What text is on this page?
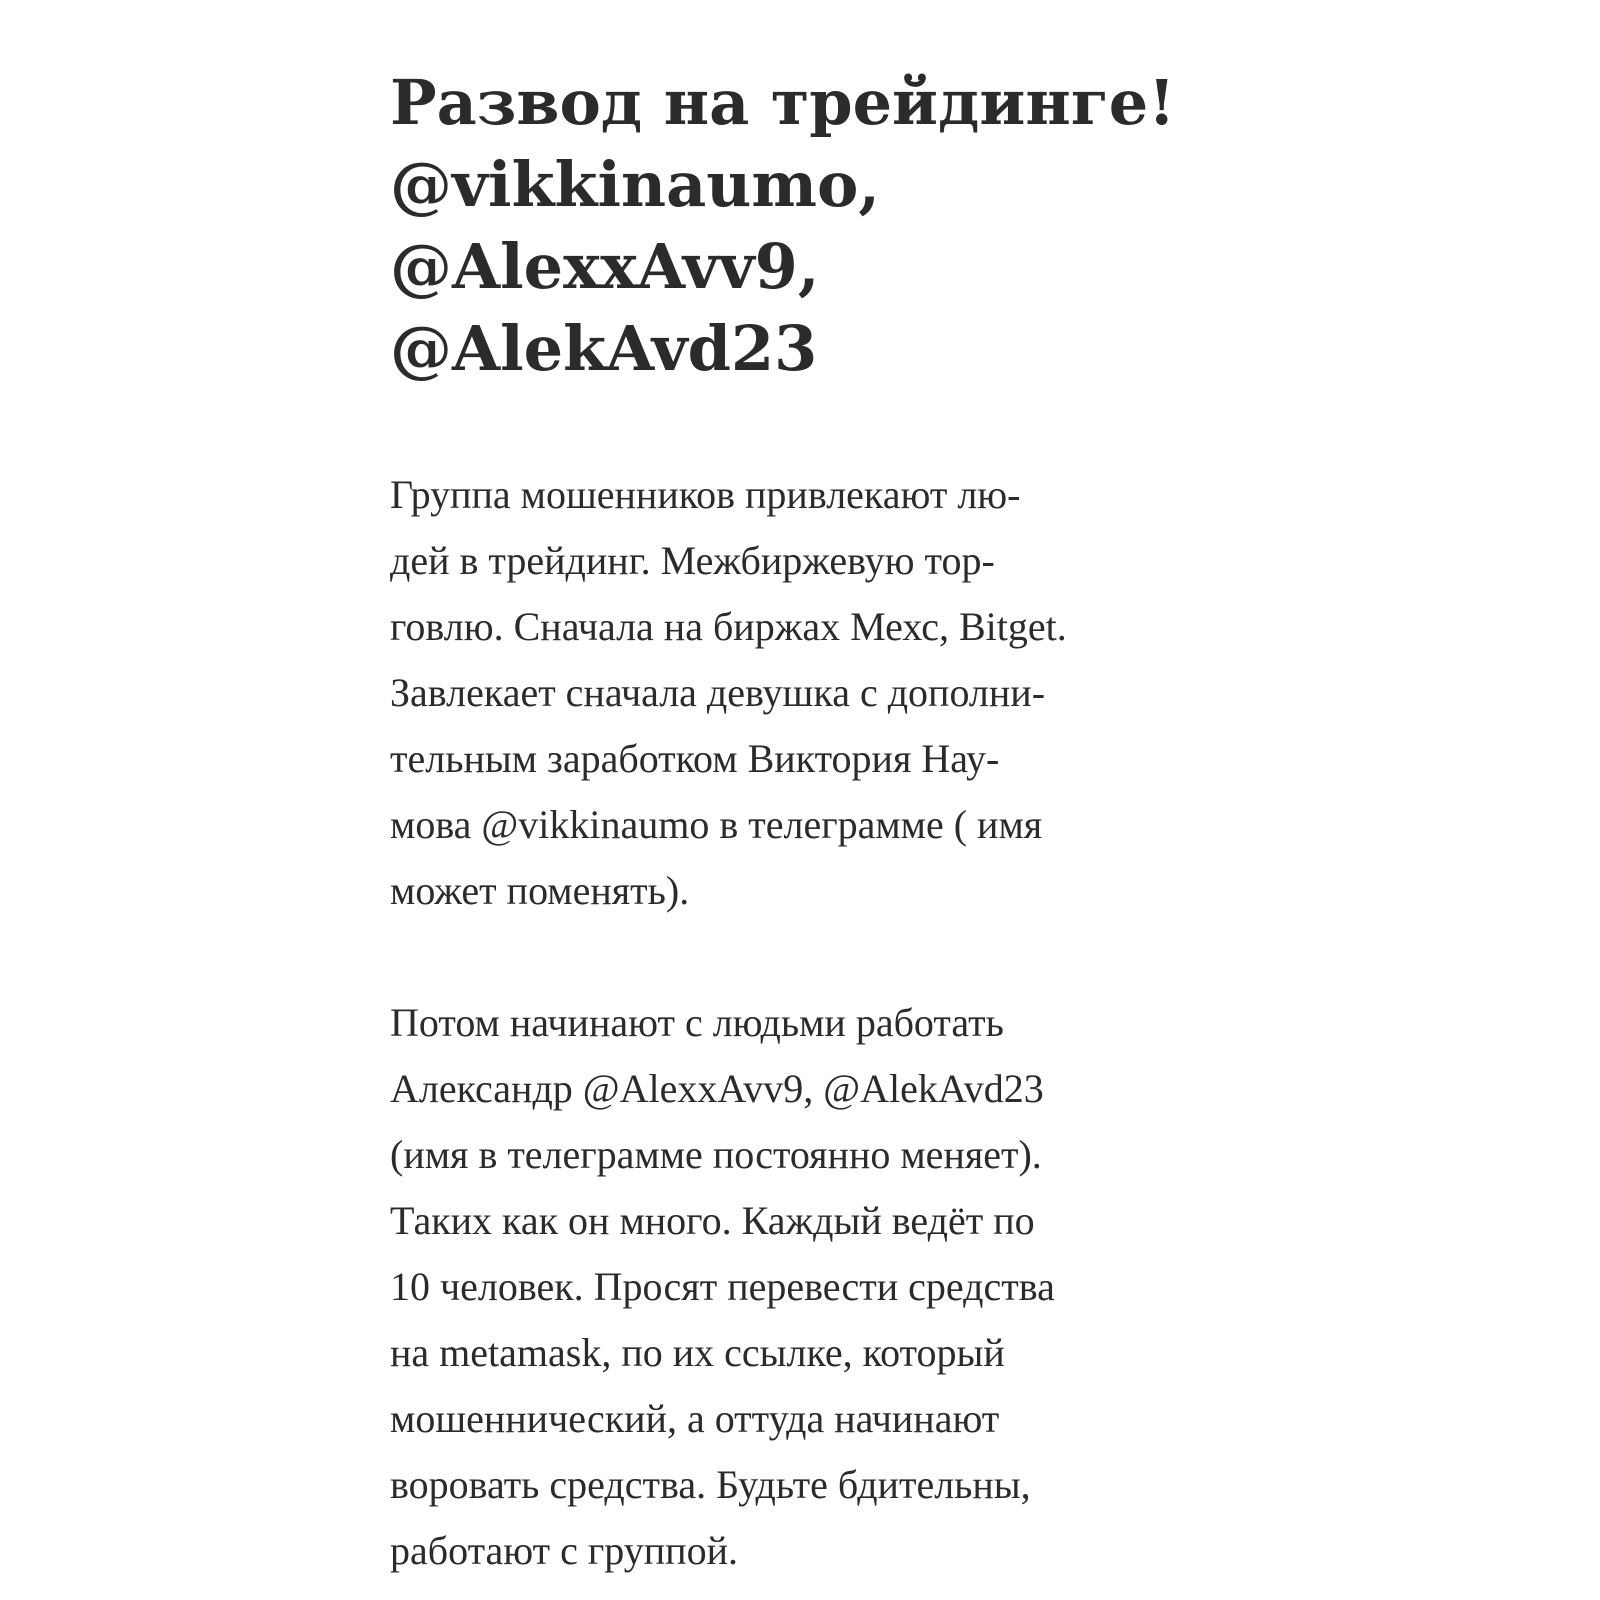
Развод на трейдинге!
@vikkinaumo,
@AlexxAvv9,
@AlekAvd23

Группа мошенников привлекают лю-
дей в трейдинг. Межбиржевую тор-
говлю. Сначала на биржах Мехс, Bitget.
Завлекает сначала девушка с дополни-
тельным заработком Виктория Нау-
мова @vikkinaumo в телеграмме ( имя
может поменять).

Потом начинают с людьми работать
Александр @AlexxAvv9, @AlekAvd23
(имя в телеграмме постоянно меняет).
Таких как он много. Каждый ведёт по
10 человек. Просят перевести средства
на metamask, по их ссылке, который
мошеннический, а оттуда начинают
воровать средства. Будьте бдительны,
работают с группой.
